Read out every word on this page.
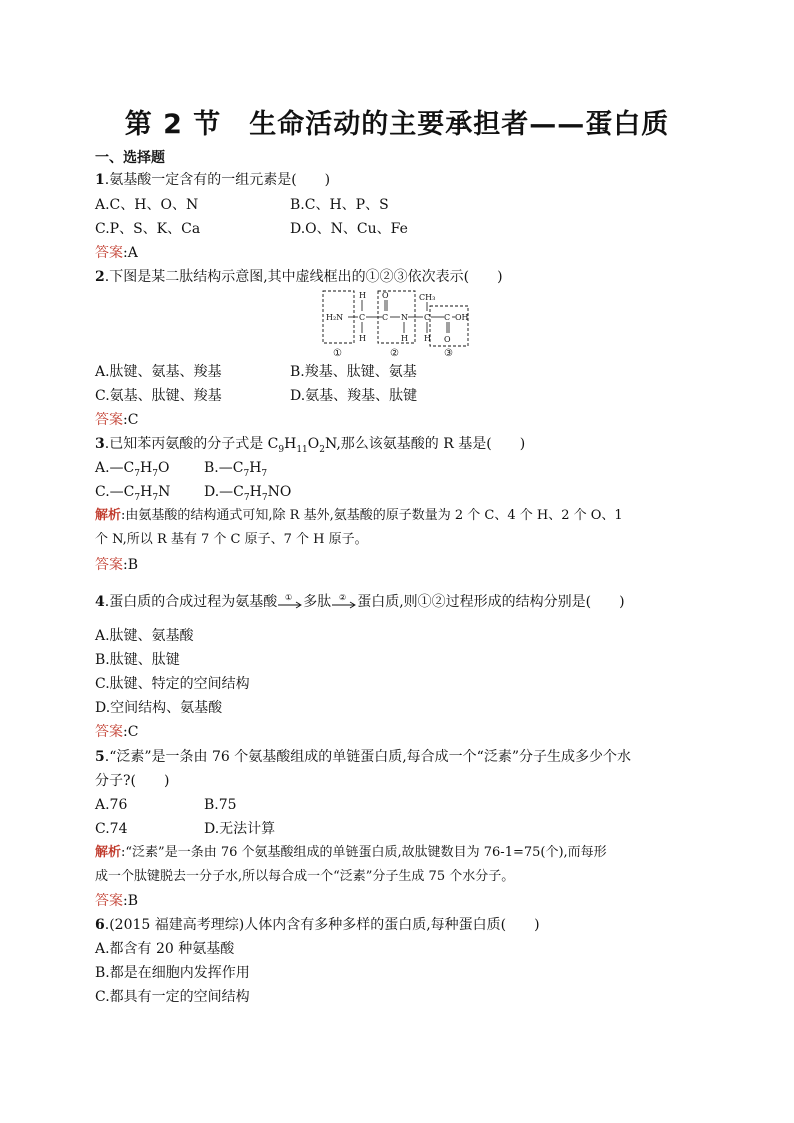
第 2 节　生命活动的主要承担者——蛋白质
一、选择题
1.氨基酸一定含有的一组元素是(　　)
A.C、H、O、N	B.C、H、P、S
C.P、S、K、Ca	D.O、N、Cu、Fe
答案:A
2.下图是某二肽结构示意图,其中虚线框出的①②③依次表示(　　)
H₂N C
H
H
C
O
N
H
C
CH₃
H
C
O
OH
①	②	③
A.肽键、氨基、羧基	B.羧基、肽键、氨基
C.氨基、肽键、羧基	D.氨基、羧基、肽键
答案:C
3.已知苯丙氨酸的分子式是 $C_9H_{11}O_2N$,那么该氨基酸的 R 基是(　　)
$A.—C_7H_7O$ $B.—C_7H_7$
$C.—C_7H_7N$ $D.—C_7H_7NO$
解析:由氨基酸的结构通式可知,除 R 基外,氨基酸的原子数量为 2 个 C、4 个 H、2 个 O、1
个 N,所以 R 基有 7 个 C 原子、7 个 H 原子。
答案:B
4.蛋白质的合成过程为氨基酸 ① 多肽 ② 蛋白质,则①②过程形成的结构分别是(　　)
A.肽键、氨基酸
B.肽键、肽键
C.肽键、特定的空间结构
D.空间结构、氨基酸
答案:C
5.“泛素”是一条由 76 个氨基酸组成的单链蛋白质,每合成一个“泛素”分子生成多少个水
分子?(　　)
A.76	B.75
C.74	D.无法计算
解析:“泛素”是一条由 76 个氨基酸组成的单链蛋白质,故肽键数目为 76-1=75(个),而每形
成一个肽键脱去一分子水,所以每合成一个“泛素”分子生成 75 个水分子。
答案:B
6.(2015 福建高考理综)人体内含有多种多样的蛋白质,每种蛋白质(　　)
A.都含有 20 种氨基酸
B.都是在细胞内发挥作用
C.都具有一定的空间结构
